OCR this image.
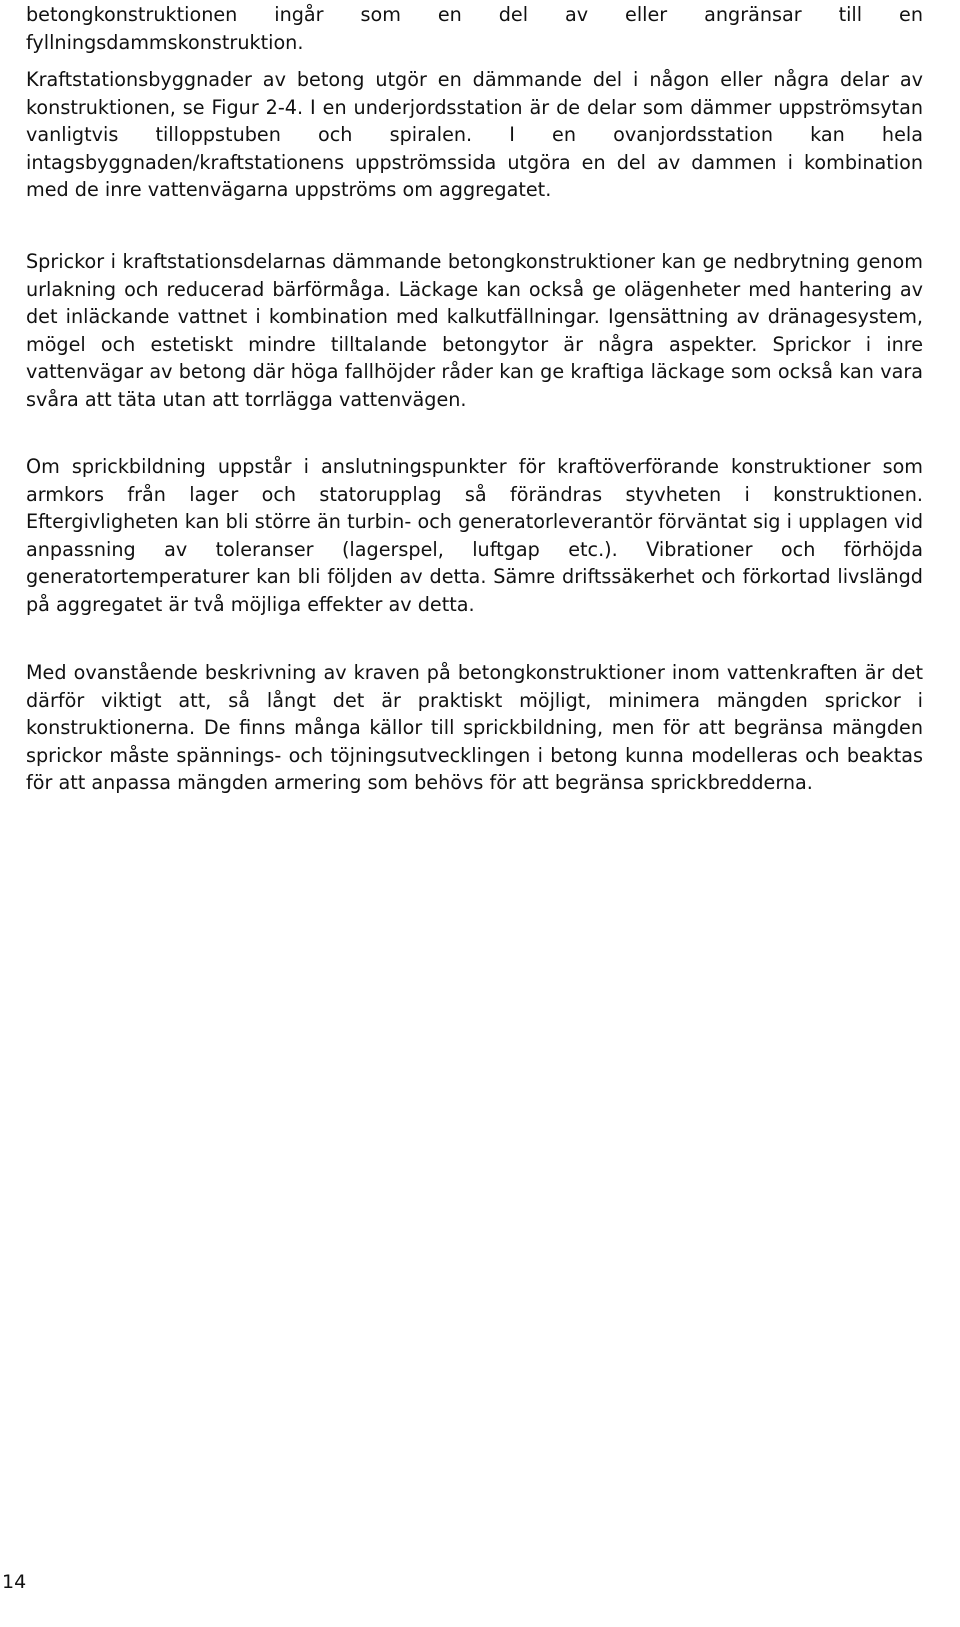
betongkonstruktionen ingår som en del av eller angränsar till en fyllningsdammskonstruktion.

Kraftstationsbyggnader av betong utgör en dämmande del i någon eller några delar av konstruktionen, se Figur 2-4. I en underjordsstation är de delar som dämmer uppströmsytan vanligtvis tilloppstuben och spiralen. I en ovanjordsstation kan hela intagsbyggnaden/kraftstationens uppströmssida utgöra en del av dammen i kombination med de inre vattenvägarna uppströms om aggregatet.

Sprickor i kraftstationsdelarnas dämmande betongkonstruktioner kan ge nedbrytning genom urlakning och reducerad bärförmåga. Läckage kan också ge olägenheter med hantering av det inläckande vattnet i kombination med kalkutfällningar. Igensättning av dränagesystem, mögel och estetiskt mindre tilltalande betongytor är några aspekter. Sprickor i inre vattenvägar av betong där höga fallhöjder råder kan ge kraftiga läckage som också kan vara svåra att täta utan att torrlägga vattenvägen.

Om sprickbildning uppstår i anslutningspunkter för kraftöverförande konstruktioner som armkors från lager och statorupplag så förändras styvheten i konstruktionen. Eftergivligheten kan bli större än turbin- och generatorleverantör förväntat sig i upplagen vid anpassning av toleranser (lagerspel, luftgap etc.). Vibrationer och förhöjda generatortemperaturer kan bli följden av detta. Sämre driftssäkerhet och förkortad livslängd på aggregatet är två möjliga effekter av detta.

Med ovanstående beskrivning av kraven på betongkonstruktioner inom vattenkraften är det därför viktigt att, så långt det är praktiskt möjligt, minimera mängden sprickor i konstruktionerna. De finns många källor till sprickbildning, men för att begränsa mängden sprickor måste spännings- och töjningsutvecklingen i betong kunna modelleras och beaktas för att anpassa mängden armering som behövs för att begränsa sprickbredderna.

14
